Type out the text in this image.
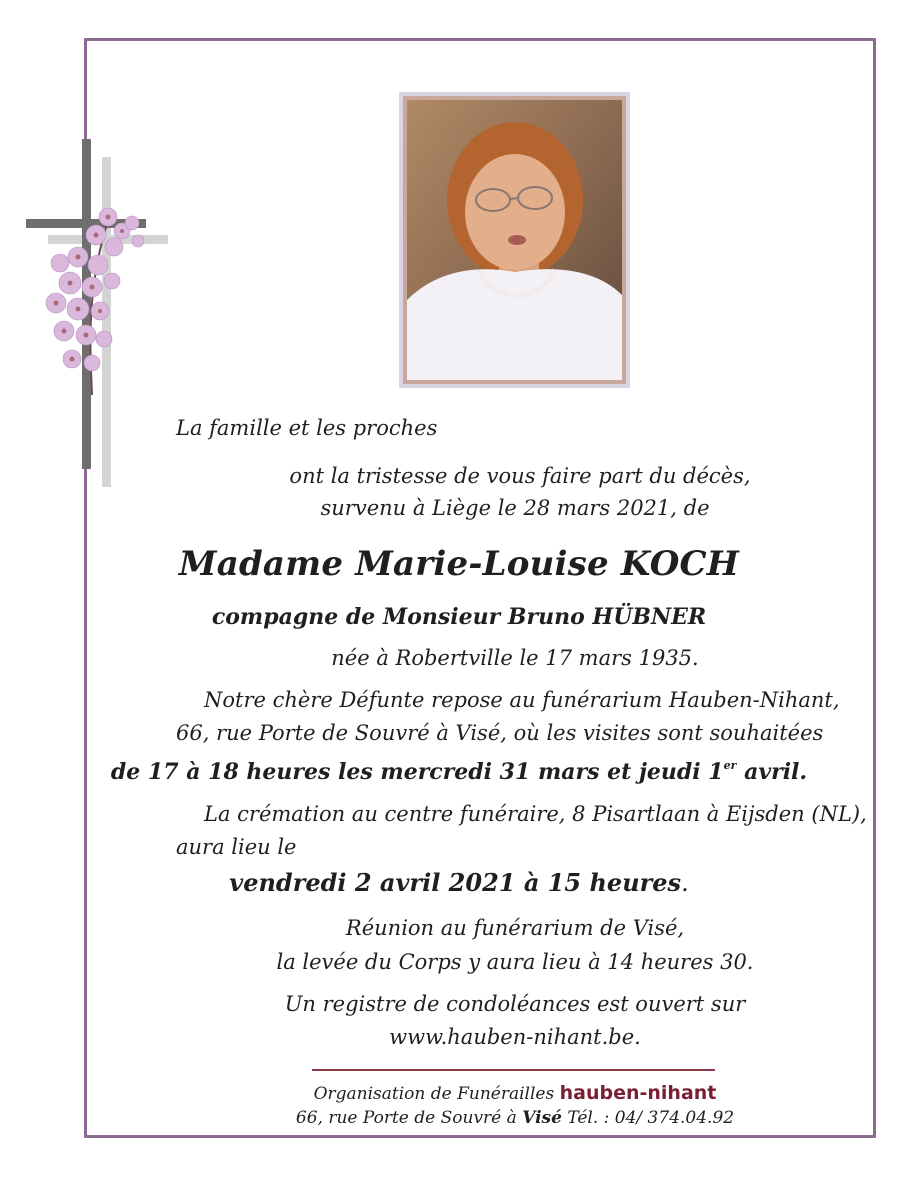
La famille et les proches

ont la tristesse de vous faire part du décès,

survenu à Liège le 28 mars 2021, de

Madame Marie-Louise KOCH

compagne de Monsieur Bruno HÜBNER

née à Robertville le 17 mars 1935.

Notre chère Défunte repose au funérarium Hauben-Nihant,

66, rue Porte de Souvré à Visé, où les visites sont souhaitées

de 17 à 18 heures les mercredi 31 mars et jeudi 1er avril.

La crémation au centre funéraire, 8 Pisartlaan à Eijsden (NL),

aura lieu le

vendredi 2 avril 2021 à 15 heures.

Réunion au funérarium de Visé,

la levée du Corps y aura lieu à 14 heures 30.

Un registre de condoléances est ouvert sur

www.hauben-nihant.be.

Organisation de Funérailles hauben-nihant

66, rue Porte de Souvré à Visé Tél. : 04/ 374.04.92
